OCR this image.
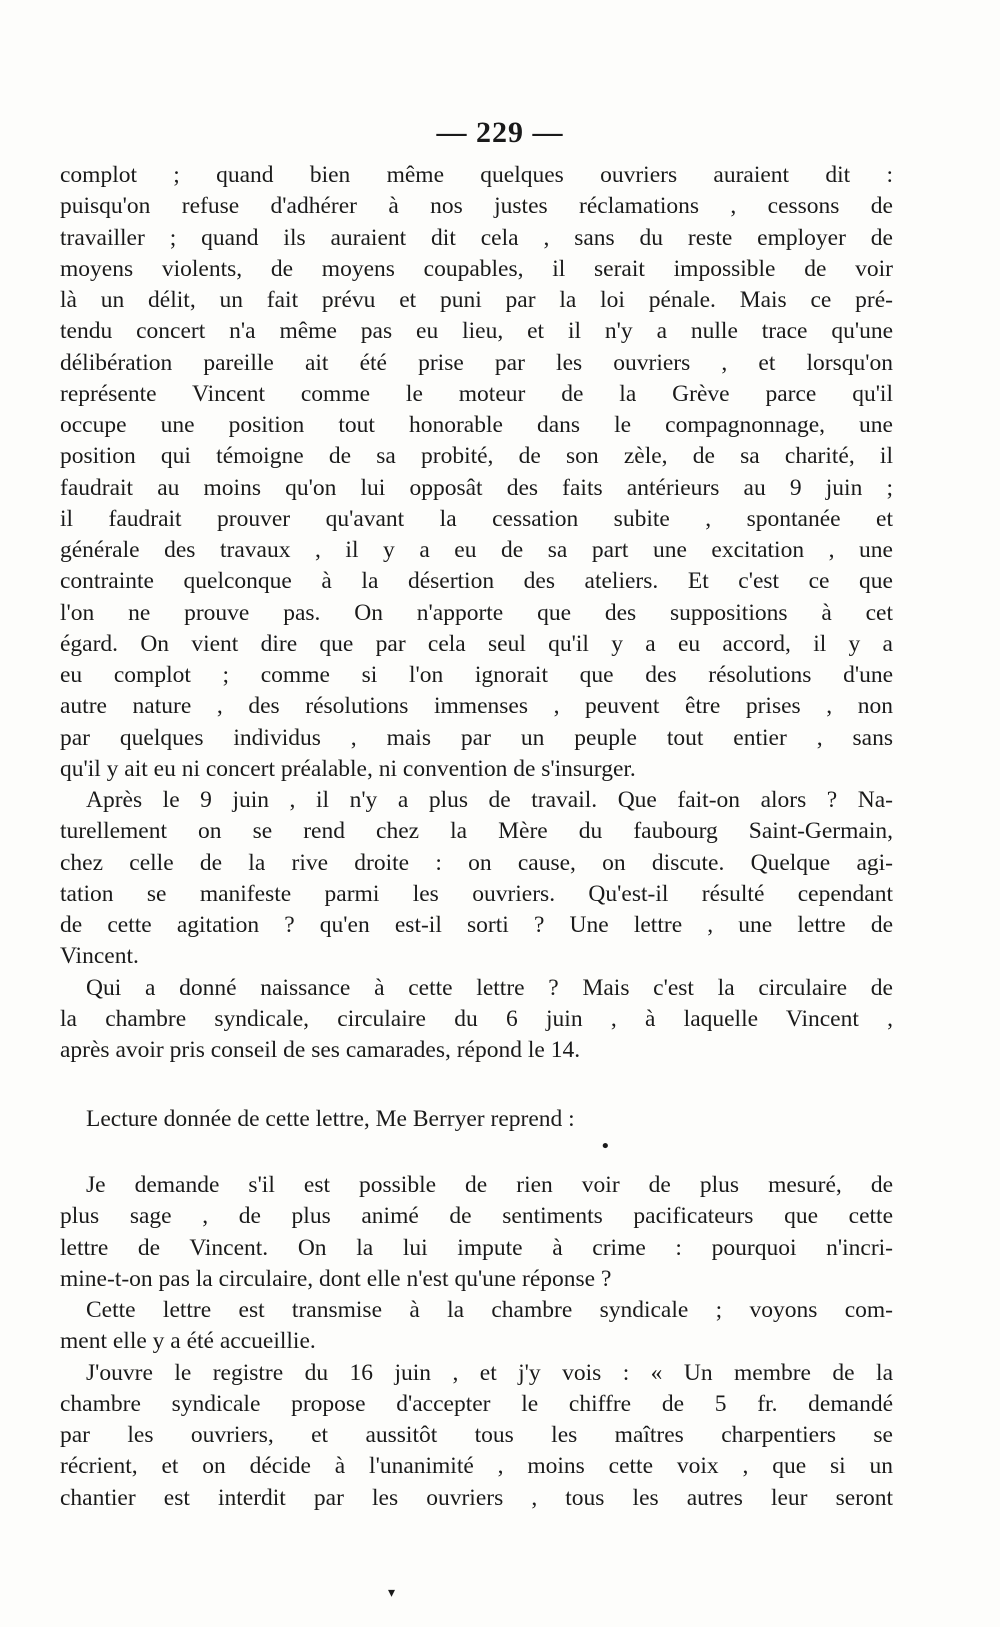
— 229 —
complot ; quand bien même quelques ouvriers auraient dit :
puisqu'on refuse d'adhérer à nos justes réclamations , cessons de
travailler ; quand ils auraient dit cela , sans du reste employer de
moyens violents, de moyens coupables, il serait impossible de voir
là un délit, un fait prévu et puni par la loi pénale. Mais ce pré-
tendu concert n'a même pas eu lieu, et il n'y a nulle trace qu'une
délibération pareille ait été prise par les ouvriers , et lorsqu'on
représente Vincent comme le moteur de la Grève parce qu'il
occupe une position tout honorable dans le compagnonnage, une
position qui témoigne de sa probité, de son zèle, de sa charité, il
faudrait au moins qu'on lui opposât des faits antérieurs au 9 juin ;
il faudrait prouver qu'avant la cessation subite , spontanée et
générale des travaux , il y a eu de sa part une excitation , une
contrainte quelconque à la désertion des ateliers. Et c'est ce que
l'on ne prouve pas. On n'apporte que des suppositions à cet
égard. On vient dire que par cela seul qu'il y a eu accord, il y a
eu complot ; comme si l'on ignorait que des résolutions d'une
autre nature , des résolutions immenses , peuvent être prises , non
par quelques individus , mais par un peuple tout entier , sans
qu'il y ait eu ni concert préalable, ni convention de s'insurger.
Après le 9 juin , il n'y a plus de travail. Que fait-on alors ? Na-
turellement on se rend chez la Mère du faubourg Saint-Germain,
chez celle de la rive droite : on cause, on discute. Quelque agi-
tation se manifeste parmi les ouvriers. Qu'est-il résulté cependant
de cette agitation ? qu'en est-il sorti ? Une lettre , une lettre de
Vincent.
Qui a donné naissance à cette lettre ? Mais c'est la circulaire de
la chambre syndicale, circulaire du 6 juin , à laquelle Vincent ,
après avoir pris conseil de ses camarades, répond le 14.
Lecture donnée de cette lettre, Me Berryer reprend :
•
Je demande s'il est possible de rien voir de plus mesuré, de
plus sage , de plus animé de sentiments pacificateurs que cette
lettre de Vincent. On la lui impute à crime : pourquoi n'incri-
mine-t-on pas la circulaire, dont elle n'est qu'une réponse ?
Cette lettre est transmise à la chambre syndicale ; voyons com-
ment elle y a été accueillie.
J'ouvre le registre du 16 juin , et j'y vois : « Un membre de la
chambre syndicale propose d'accepter le chiffre de 5 fr. demandé
par les ouvriers, et aussitôt tous les maîtres charpentiers se
récrient, et on décide à l'unanimité , moins cette voix , que si un
chantier est interdit par les ouvriers , tous les autres leur seront
▾
